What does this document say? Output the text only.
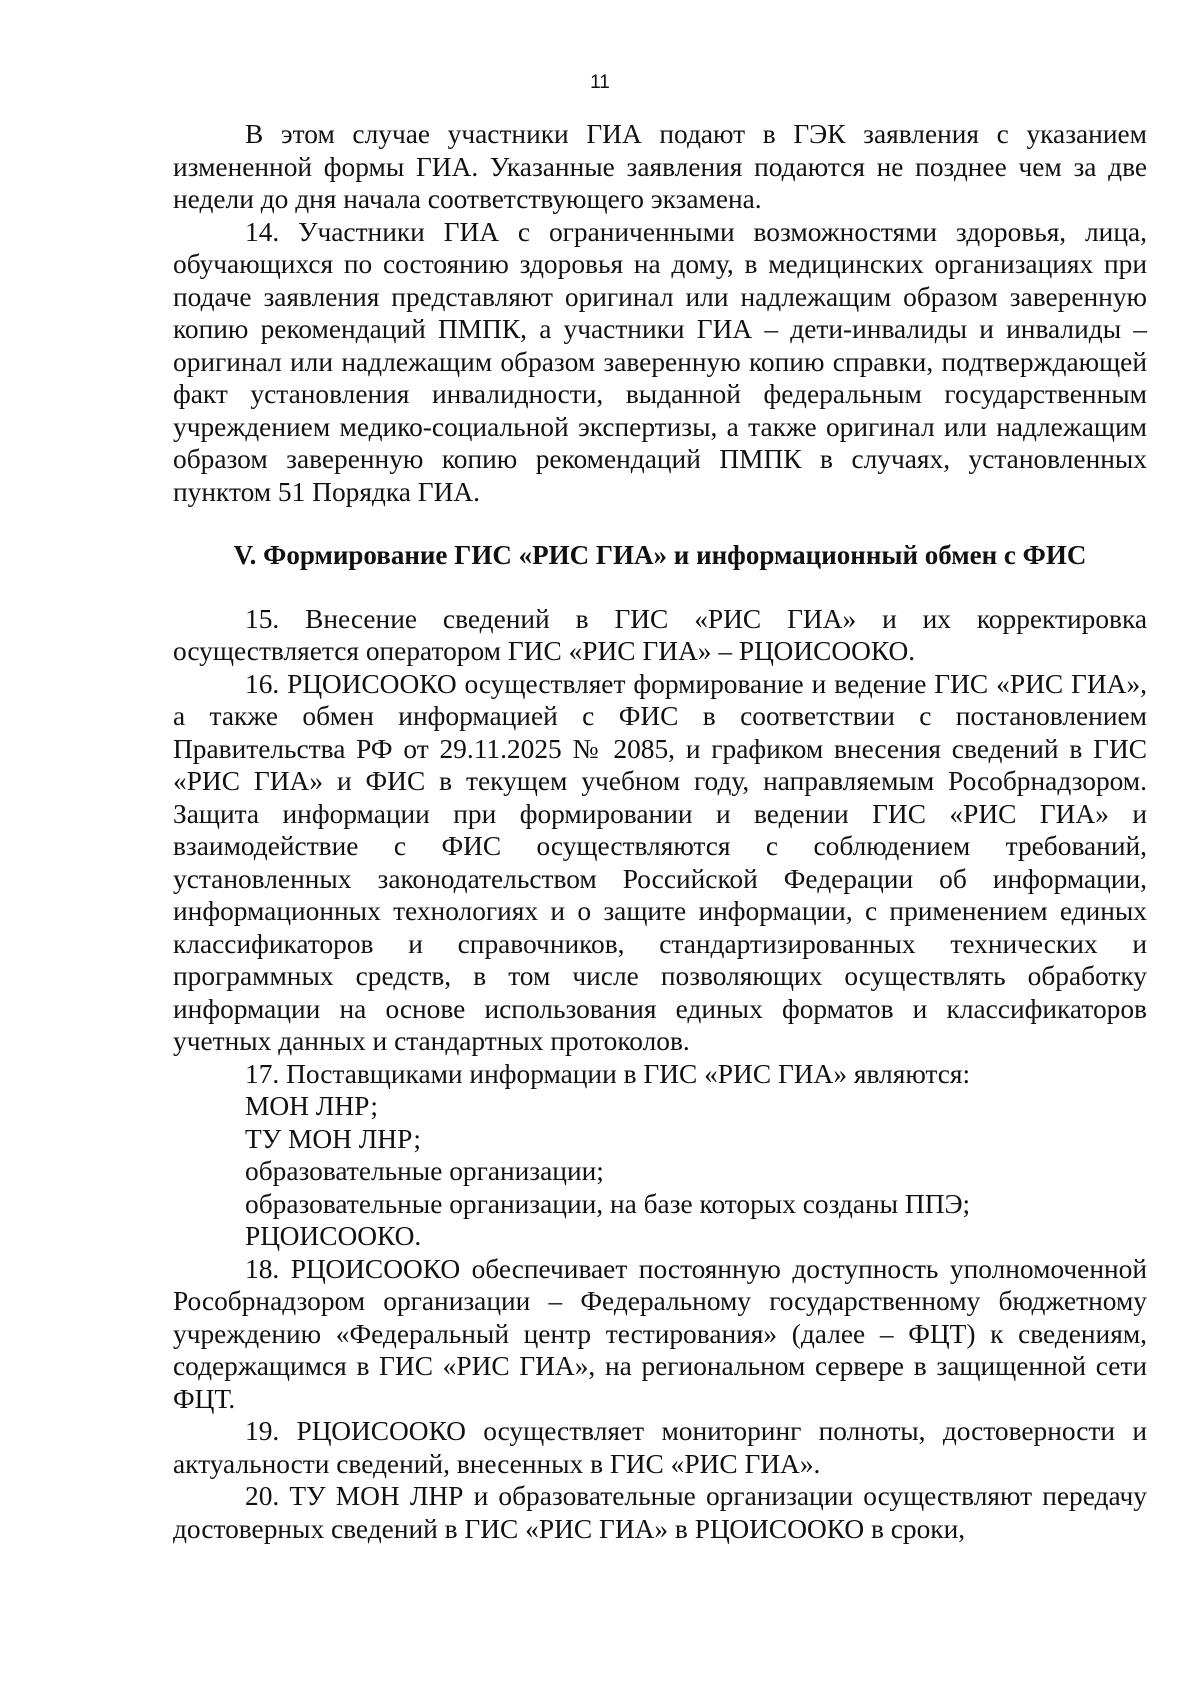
11

В этом случае участники ГИА подают в ГЭК заявления с указанием измененной формы ГИА. Указанные заявления подаются не позднее чем за две недели до дня начала соответствующего экзамена.

14. Участники ГИА с ограниченными возможностями здоровья, лица, обучающихся по состоянию здоровья на дому, в медицинских организациях при подаче заявления представляют оригинал или надлежащим образом заверенную копию рекомендаций ПМПК, а участники ГИА – дети-инвалиды и инвалиды – оригинал или надлежащим образом заверенную копию справки, подтверждающей факт установления инвалидности, выданной федеральным государственным учреждением медико-социальной экспертизы, а также оригинал или надлежащим образом заверенную копию рекомендаций ПМПК в случаях, установленных пунктом 51 Порядка ГИА.

V. Формирование ГИС «РИС ГИА» и информационный обмен с ФИС

15. Внесение сведений в ГИС «РИС ГИА» и их корректировка осуществляется оператором ГИС «РИС ГИА» – РЦОИСООКО.

16. РЦОИСООКО осуществляет формирование и ведение ГИС «РИС ГИА», а также обмен информацией с ФИС в соответствии с постановлением Правительства РФ от 29.11.2025 № 2085, и графиком внесения сведений в ГИС «РИС ГИА» и ФИС в текущем учебном году, направляемым Рособрнадзором. Защита информации при формировании и ведении ГИС «РИС ГИА» и взаимодействие с ФИС осуществляются с соблюдением требований, установленных законодательством Российской Федерации об информации, информационных технологиях и о защите информации, с применением единых классификаторов и справочников, стандартизированных технических и программных средств, в том числе позволяющих осуществлять обработку информации на основе использования единых форматов и классификаторов учетных данных и стандартных протоколов.

17. Поставщиками информации в ГИС «РИС ГИА» являются:

МОН ЛНР;

ТУ МОН ЛНР;

образовательные организации;

образовательные организации, на базе которых созданы ППЭ;

РЦОИСООКО.

18. РЦОИСООКО обеспечивает постоянную доступность уполномоченной Рособрнадзором организации – Федеральному государственному бюджетному учреждению «Федеральный центр тестирования» (далее – ФЦТ) к сведениям, содержащимся в ГИС «РИС ГИА», на региональном сервере в защищенной сети ФЦТ.

19. РЦОИСООКО осуществляет мониторинг полноты, достоверности и актуальности сведений, внесенных в ГИС «РИС ГИА».

20. ТУ МОН ЛНР и образовательные организации осуществляют передачу достоверных сведений в ГИС «РИС ГИА» в РЦОИСООКО в сроки,
